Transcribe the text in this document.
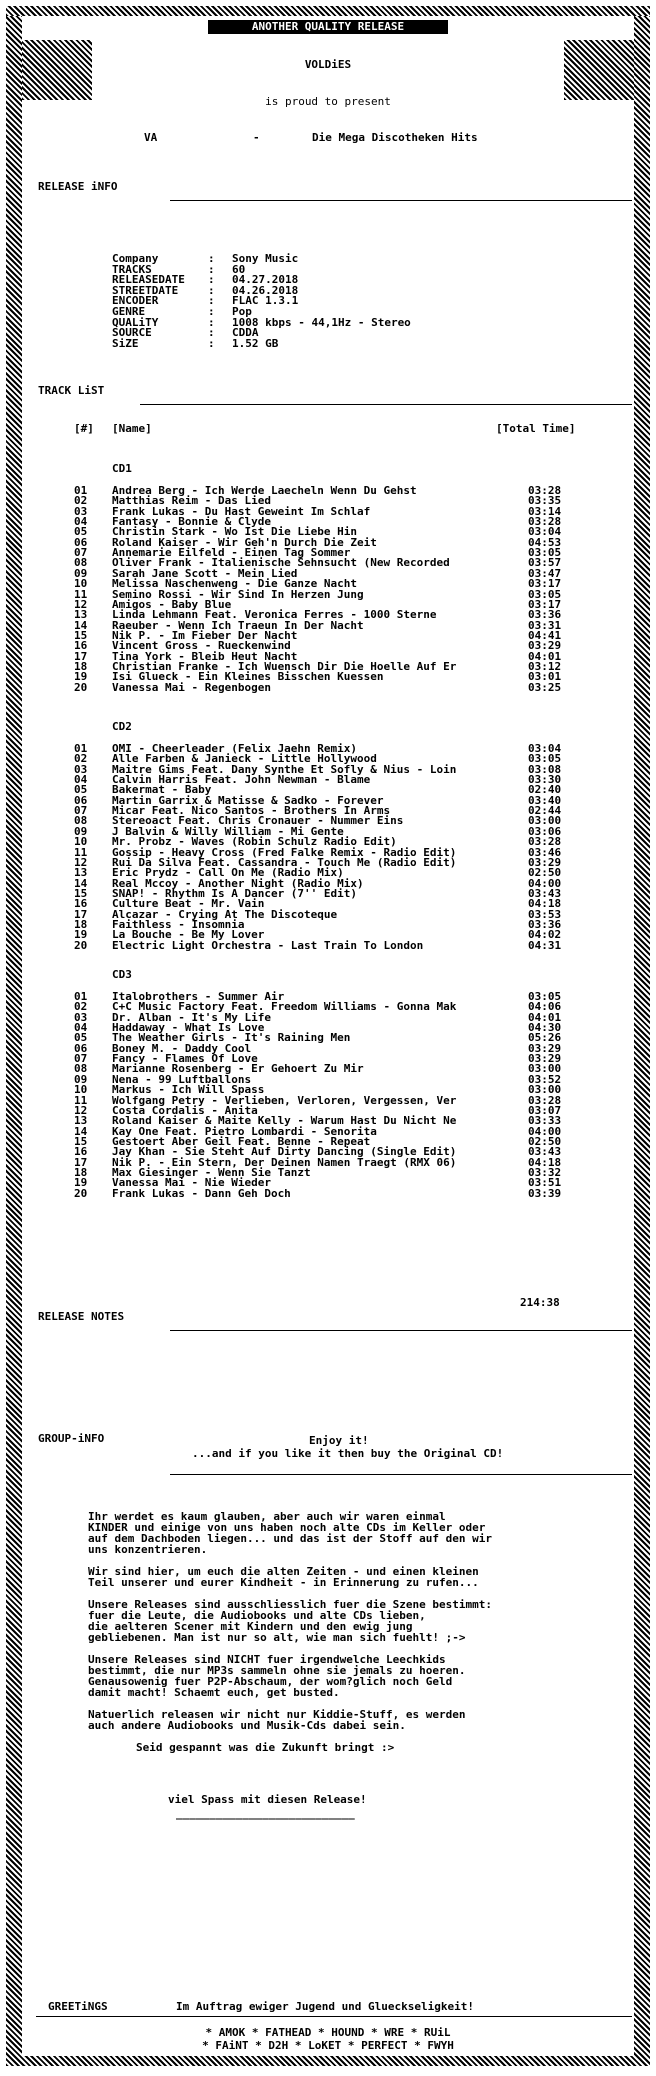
ANOTHER QUALITY RELEASE
VOLDiES
is proud to present
VA	-	Die Mega Discotheken Hits
RELEASE iNFO
Company	: Sony Music
TRACKS	: 60
RELEASEDATE : 04.27.2018
STREETDATE	: 04.26.2018
ENCODER	: FLAC 1.3.1
GENRE	: Pop
QUALiTY	: 1008 kbps - 44,1Hz - Stereo
SOURCE	: CDDA
SiZE	: 1.52 GB
TRACK LiST
[#] [Name]	[Total Time]
CD1
01 Andrea Berg - Ich Werde Laecheln Wenn Du Gehst	03:28
02 Matthias Reim - Das Lied	03:35
03 Frank Lukas - Du Hast Geweint Im Schlaf	03:14
04 Fantasy - Bonnie & Clyde	03:28
05 Christin Stark - Wo Ist Die Liebe Hin	03:04
06 Roland Kaiser - Wir Geh'n Durch Die Zeit	04:53
07 Annemarie Eilfeld - Einen Tag Sommer	03:05
08 Oliver Frank - Italienische Sehnsucht (New Recorded	03:57
09 Sarah Jane Scott - Mein Lied	03:47
10 Melissa Naschenweng - Die Ganze Nacht	03:17
11 Semino Rossi - Wir Sind In Herzen Jung	03:05
12 Amigos - Baby Blue	03:17
13 Linda Lehmann Feat. Veronica Ferres - 1000 Sterne	03:36
14 Raeuber - Wenn Ich Traeun In Der Nacht	03:31
15 Nik P. - Im Fieber Der Nacht	04:41
16 Vincent Gross - Rueckenwind	03:29
17 Tina York - Bleib Heut Nacht	04:01
18 Christian Franke - Ich Wuensch Dir Die Hoelle Auf Er	03:12
19 Isi Glueck - Ein Kleines Bisschen Kuessen	03:01
20 Vanessa Mai - Regenbogen	03:25
CD2
01 OMI - Cheerleader (Felix Jaehn Remix)	03:04
02 Alle Farben & Janieck - Little Hollywood	03:05
03 Maitre Gims Feat. Dany Synthe Et Sofly & Nius - Loin	03:08
04 Calvin Harris Feat. John Newman - Blame	03:30
05 Bakermat - Baby	02:40
06 Martin Garrix & Matisse & Sadko - Forever	03:40
07 Micar Feat. Nico Santos - Brothers In Arms	02:44
08 Stereoact Feat. Chris Cronauer - Nummer Eins	03:00
09 J Balvin & Willy William - Mi Gente	03:06
10 Mr. Probz - Waves (Robin Schulz Radio Edit)	03:28
11 Gossip - Heavy Cross (Fred Falke Remix - Radio Edit)	03:46
12 Rui Da Silva Feat. Cassandra - Touch Me (Radio Edit)	03:29
13 Eric Prydz - Call On Me (Radio Mix)	02:50
14 Real Mccoy - Another Night (Radio Mix)	04:00
15 SNAP! - Rhythm Is A Dancer (7'' Edit)	03:43
16 Culture Beat - Mr. Vain	04:18
17 Alcazar - Crying At The Discoteque	03:53
18 Faithless - Insomnia	03:36
19 La Bouche - Be My Lover	04:02
20 Electric Light Orchestra - Last Train To London	04:31
CD3
01 Italobrothers - Summer Air	03:05
02 C+C Music Factory Feat. Freedom Williams - Gonna Mak	04:06
03 Dr. Alban - It's My Life	04:01
04 Haddaway - What Is Love	04:30
05 The Weather Girls - It's Raining Men	05:26
06 Boney M. - Daddy Cool	03:29
07 Fancy - Flames Of Love	03:29
08 Marianne Rosenberg - Er Gehoert Zu Mir	03:00
09 Nena - 99 Luftballons	03:52
10 Markus - Ich Will Spass	03:00
11 Wolfgang Petry - Verlieben, Verloren, Vergessen, Ver	03:28
12 Costa Cordalis - Anita	03:07
13 Roland Kaiser & Maite Kelly - Warum Hast Du Nicht Ne	03:33
14 Kay One Feat. Pietro Lombardi - Senorita	04:00
15 Gestoert Aber Geil Feat. Benne - Repeat	02:50
16 Jay Khan - Sie Steht Auf Dirty Dancing (Single Edit)	03:43
17 Nik P. - Ein Stern, Der Deinen Namen Traegt (RMX 06)	04:18
18 Max Giesinger - Wenn Sie Tanzt	03:32
19 Vanessa Mai - Nie Wieder	03:51
20 Frank Lukas - Dann Geh Doch	03:39
214:38
RELEASE NOTES
GROUP-iNFO	Enjoy it!
...and if you like it then buy the Original CD!
Ihr werdet es kaum glauben, aber auch wir waren einmal
KINDER und einige von uns haben noch alte CDs im Keller oder
auf dem Dachboden liegen... und das ist der Stoff auf den wir
uns konzentrieren.
Wir sind hier, um euch die alten Zeiten - und einen kleinen
Teil unserer und eurer Kindheit - in Erinnerung zu rufen...
Unsere Releases sind ausschliesslich fuer die Szene bestimmt:
fuer die Leute, die Audiobooks und alte CDs lieben,
die aelteren Scener mit Kindern und den ewig jung
gebliebenen. Man ist nur so alt, wie man sich fuehlt! ;->
Unsere Releases sind NICHT fuer irgendwelche Leechkids
bestimmt, die nur MP3s sammeln ohne sie jemals zu hoeren.
Genausowenig fuer P2P-Abschaum, der wom?glich noch Geld
damit macht! Schaemt euch, get busted.
Natuerlich releasen wir nicht nur Kiddie-Stuff, es werden
auch andere Audiobooks und Musik-Cds dabei sein.
Seid gespannt was die Zukunft bringt :>
viel Spass mit diesen Release!
___________________________
GREETiNGS	Im Auftrag ewiger Jugend und Glueckseligkeit!
* AMOK * FATHEAD * HOUND * WRE * RUiL
* FAiNT * D2H * LoKET * PERFECT * FWYH
